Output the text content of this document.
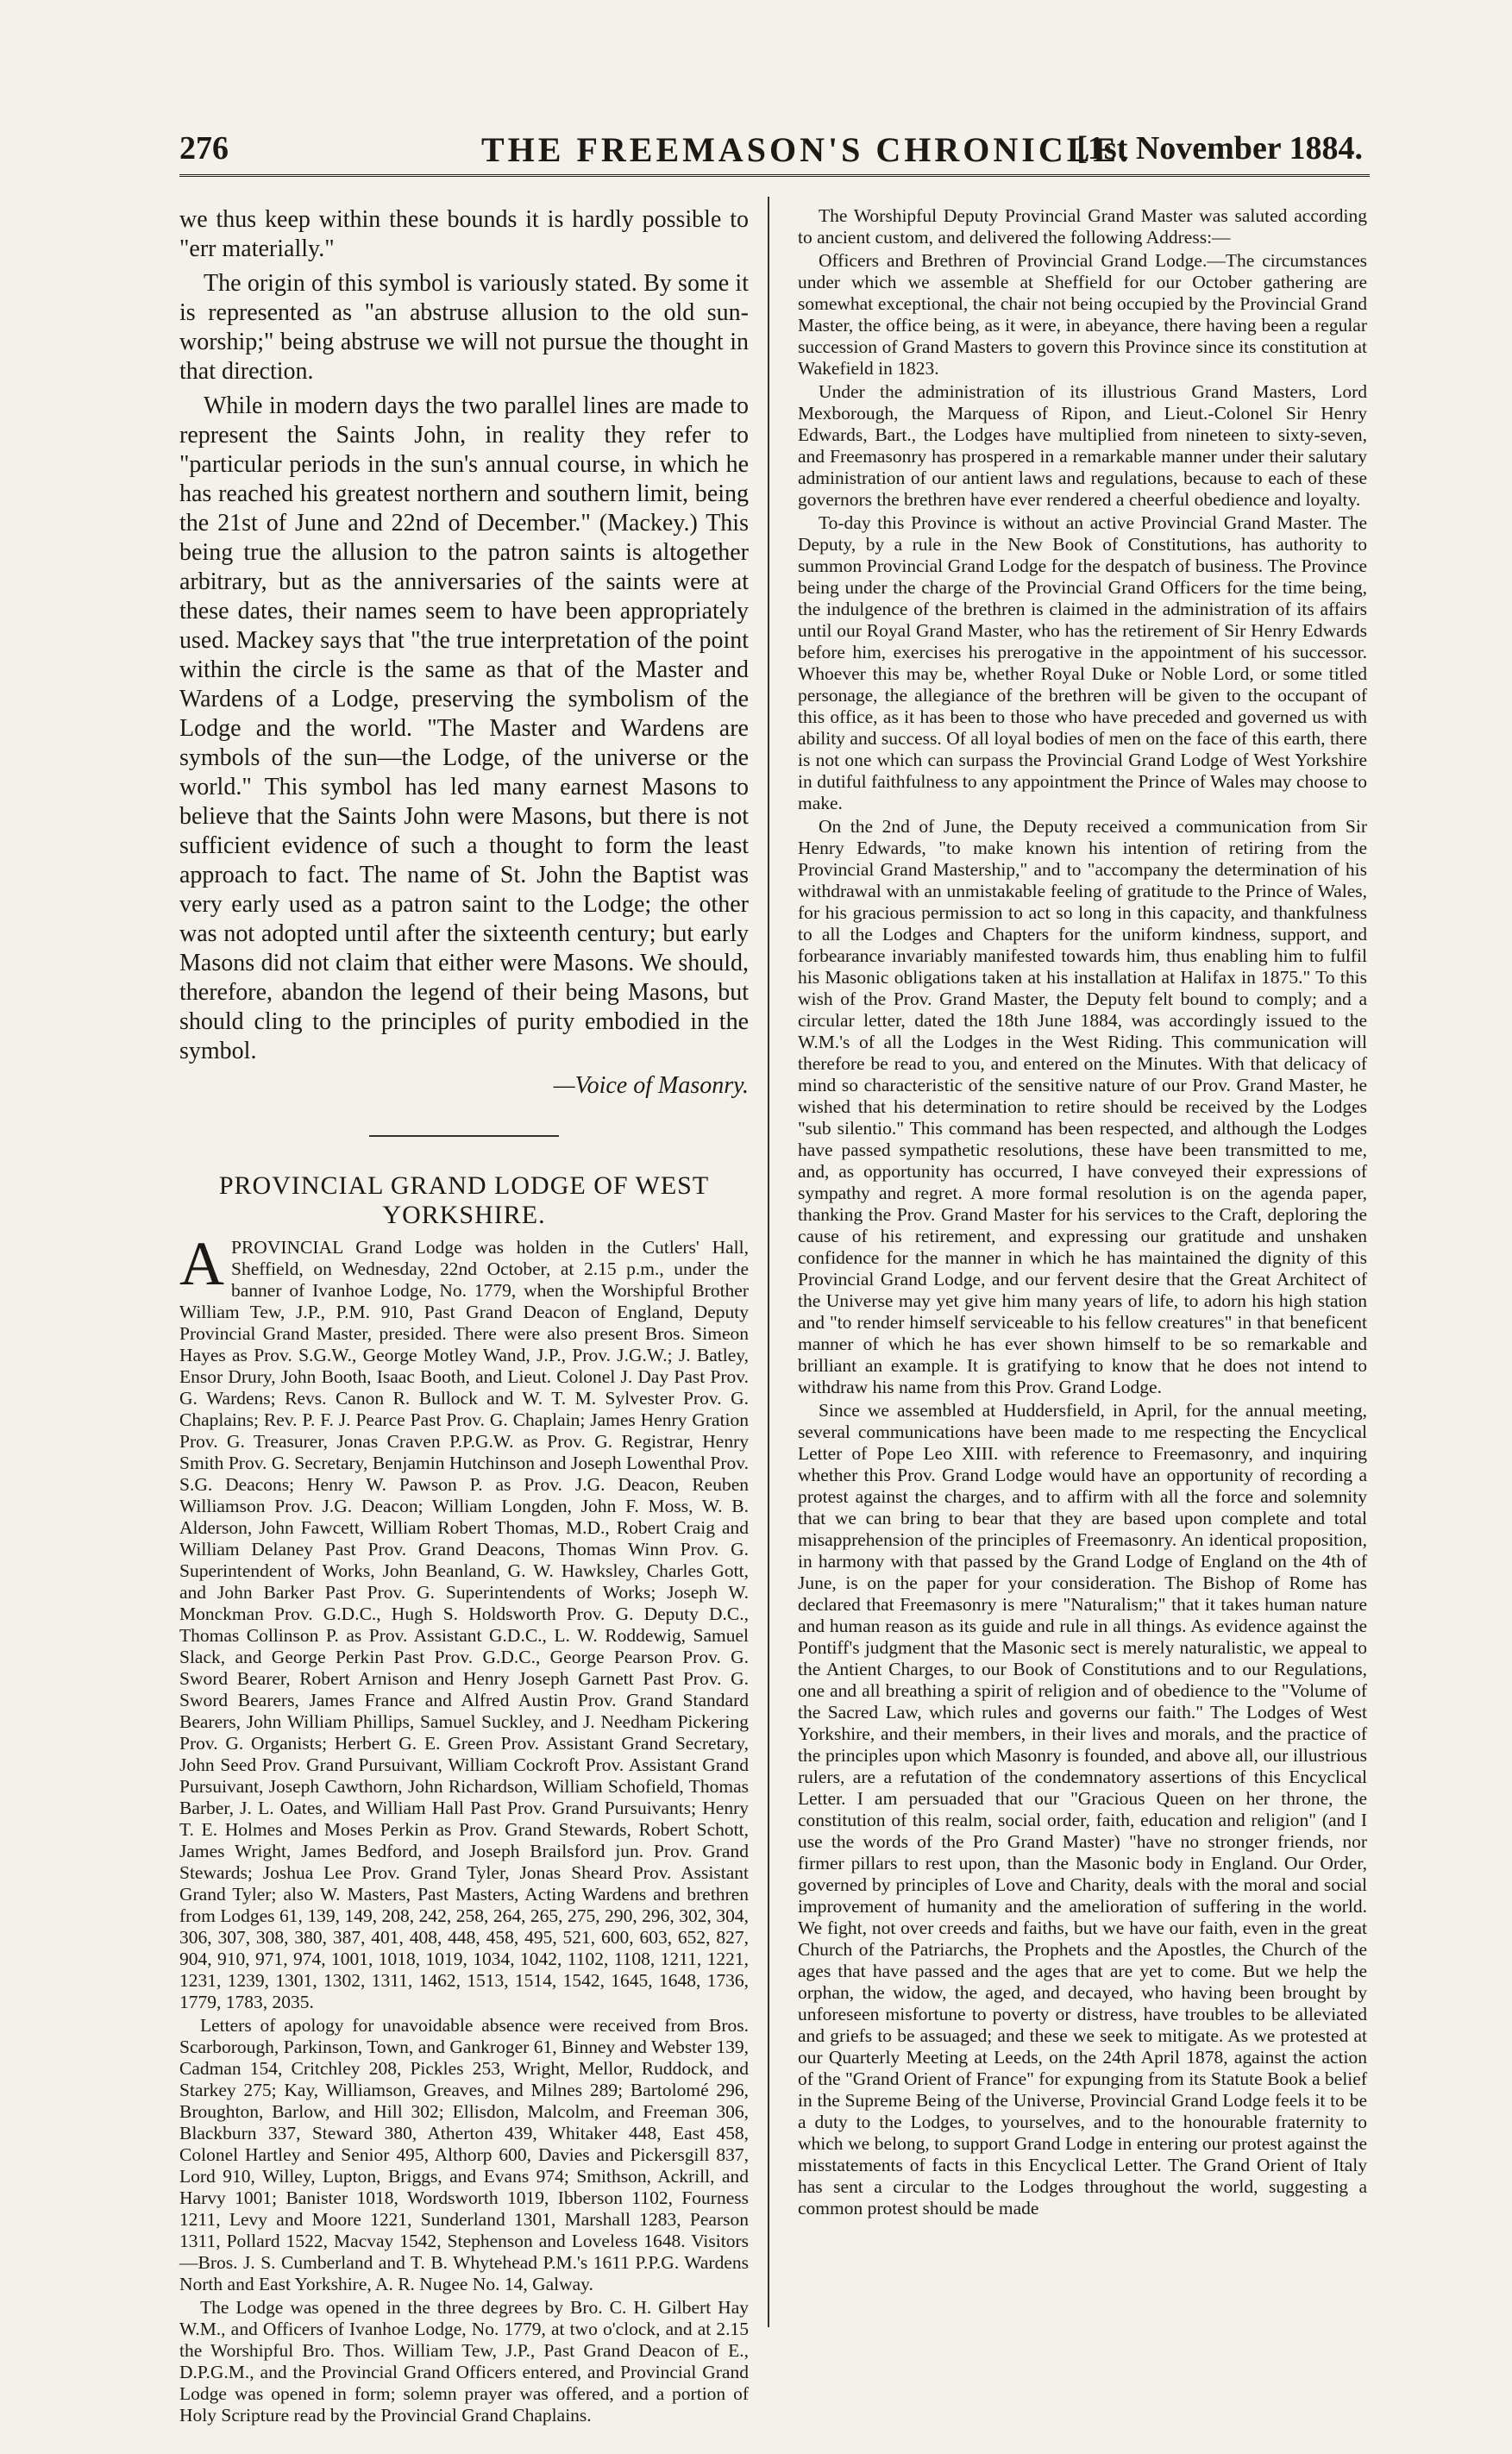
276	THE FREEMASON'S CHRONICLE.
[1st November 1884.

we thus keep within these bounds it is hardly possible to "err materially."

The origin of this symbol is variously stated. By some it is represented as "an abstruse allusion to the old sun-worship;" being abstruse we will not pursue the thought in that direction.

While in modern days the two parallel lines are made to represent the Saints John, in reality they refer to "particular periods in the sun's annual course, in which he has reached his greatest northern and southern limit, being the 21st of June and 22nd of December." (Mackey.) This being true the allusion to the patron saints is altogether arbitrary, but as the anniversaries of the saints were at these dates, their names seem to have been appropriately used. Mackey says that "the true interpretation of the point within the circle is the same as that of the Master and Wardens of a Lodge, preserving the symbolism of the Lodge and the world. "The Master and Wardens are symbols of the sun—the Lodge, of the universe or the world." This symbol has led many earnest Masons to believe that the Saints John were Masons, but there is not sufficient evidence of such a thought to form the least approach to fact. The name of St. John the Baptist was very early used as a patron saint to the Lodge; the other was not adopted until after the sixteenth century; but early Masons did not claim that either were Masons. We should, therefore, abandon the legend of their being Masons, but should cling to the principles of purity embodied in the symbol.

—Voice of Masonry.
PROVINCIAL GRAND LODGE OF WEST YORKSHIRE.

APROVINCIAL Grand Lodge was holden in the Cutlers' Hall, Sheffield, on Wednesday, 22nd October, at 2.15 p.m., under the banner of Ivanhoe Lodge, No. 1779, when the Worshipful Brother William Tew, J.P., P.M. 910, Past Grand Deacon of England, Deputy Provincial Grand Master, presided. There were also present Bros. Simeon Hayes as Prov. S.G.W., George Motley Wand, J.P., Prov. J.G.W.; J. Batley, Ensor Drury, John Booth, Isaac Booth, and Lieut. Colonel J. Day Past Prov. G. Wardens; Revs. Canon R. Bullock and W. T. M. Sylvester Prov. G. Chaplains; Rev. P. F. J. Pearce Past Prov. G. Chaplain; James Henry Gration Prov. G. Treasurer, Jonas Craven P.P.G.W. as Prov. G. Registrar, Henry Smith Prov. G. Secretary, Benjamin Hutchinson and Joseph Lowenthal Prov. S.G. Deacons; Henry W. Pawson P. as Prov. J.G. Deacon, Reuben Williamson Prov. J.G. Deacon; William Longden, John F. Moss, W. B. Alderson, John Fawcett, William Robert Thomas, M.D., Robert Craig and William Delaney Past Prov. Grand Deacons, Thomas Winn Prov. G. Superintendent of Works, John Beanland, G. W. Hawksley, Charles Gott, and John Barker Past Prov. G. Superintendents of Works; Joseph W. Monckman Prov. G.D.C., Hugh S. Holdsworth Prov. G. Deputy D.C., Thomas Collinson P. as Prov. Assistant G.D.C., L. W. Roddewig, Samuel Slack, and George Perkin Past Prov. G.D.C., George Pearson Prov. G. Sword Bearer, Robert Arnison and Henry Joseph Garnett Past Prov. G. Sword Bearers, James France and Alfred Austin Prov. Grand Standard Bearers, John William Phillips, Samuel Suckley, and J. Needham Pickering Prov. G. Organists; Herbert G. E. Green Prov. Assistant Grand Secretary, John Seed Prov. Grand Pursuivant, William Cockroft Prov. Assistant Grand Pursuivant, Joseph Cawthorn, John Richardson, William Schofield, Thomas Barber, J. L. Oates, and William Hall Past Prov. Grand Pursuivants; Henry T. E. Holmes and Moses Perkin as Prov. Grand Stewards, Robert Schott, James Wright, James Bedford, and Joseph Brailsford jun. Prov. Grand Stewards; Joshua Lee Prov. Grand Tyler, Jonas Sheard Prov. Assistant Grand Tyler; also W. Masters, Past Masters, Acting Wardens and brethren from Lodges 61, 139, 149, 208, 242, 258, 264, 265, 275, 290, 296, 302, 304, 306, 307, 308, 380, 387, 401, 408, 448, 458, 495, 521, 600, 603, 652, 827, 904, 910, 971, 974, 1001, 1018, 1019, 1034, 1042, 1102, 1108, 1211, 1221, 1231, 1239, 1301, 1302, 1311, 1462, 1513, 1514, 1542, 1645, 1648, 1736, 1779, 1783, 2035.

Letters of apology for unavoidable absence were received from Bros. Scarborough, Parkinson, Town, and Gankroger 61, Binney and Webster 139, Cadman 154, Critchley 208, Pickles 253, Wright, Mellor, Ruddock, and Starkey 275; Kay, Williamson, Greaves, and Milnes 289; Bartolomé 296, Broughton, Barlow, and Hill 302; Ellisdon, Malcolm, and Freeman 306, Blackburn 337, Steward 380, Atherton 439, Whitaker 448, East 458, Colonel Hartley and Senior 495, Althorp 600, Davies and Pickersgill 837, Lord 910, Willey, Lupton, Briggs, and Evans 974; Smithson, Ackrill, and Harvy 1001; Banister 1018, Wordsworth 1019, Ibberson 1102, Fourness 1211, Levy and Moore 1221, Sunderland 1301, Marshall 1283, Pearson 1311, Pollard 1522, Macvay 1542, Stephenson and Loveless 1648. Visitors—Bros. J. S. Cumberland and T. B. Whytehead P.M.'s 1611 P.P.G. Wardens North and East Yorkshire, A. R. Nugee No. 14, Galway.

The Lodge was opened in the three degrees by Bro. C. H. Gilbert Hay W.M., and Officers of Ivanhoe Lodge, No. 1779, at two o'clock, and at 2.15 the Worshipful Bro. Thos. William Tew, J.P., Past Grand Deacon of E., D.P.G.M., and the Provincial Grand Officers entered, and Provincial Grand Lodge was opened in form; solemn prayer was offered, and a portion of Holy Scripture read by the Provincial Grand Chaplains.

The Worshipful Deputy Provincial Grand Master was saluted according to ancient custom, and delivered the following Address:—

Officers and Brethren of Provincial Grand Lodge.—The circumstances under which we assemble at Sheffield for our October gathering are somewhat exceptional, the chair not being occupied by the Provincial Grand Master, the office being, as it were, in abeyance, there having been a regular succession of Grand Masters to govern this Province since its constitution at Wakefield in 1823.

Under the administration of its illustrious Grand Masters, Lord Mexborough, the Marquess of Ripon, and Lieut.-Colonel Sir Henry Edwards, Bart., the Lodges have multiplied from nineteen to sixty-seven, and Freemasonry has prospered in a remarkable manner under their salutary administration of our antient laws and regulations, because to each of these governors the brethren have ever rendered a cheerful obedience and loyalty.

To-day this Province is without an active Provincial Grand Master. The Deputy, by a rule in the New Book of Constitutions, has authority to summon Provincial Grand Lodge for the despatch of business. The Province being under the charge of the Provincial Grand Officers for the time being, the indulgence of the brethren is claimed in the administration of its affairs until our Royal Grand Master, who has the retirement of Sir Henry Edwards before him, exercises his prerogative in the appointment of his successor. Whoever this may be, whether Royal Duke or Noble Lord, or some titled personage, the allegiance of the brethren will be given to the occupant of this office, as it has been to those who have preceded and governed us with ability and success. Of all loyal bodies of men on the face of this earth, there is not one which can surpass the Provincial Grand Lodge of West Yorkshire in dutiful faithfulness to any appointment the Prince of Wales may choose to make.

On the 2nd of June, the Deputy received a communication from Sir Henry Edwards, "to make known his intention of retiring from the Provincial Grand Mastership," and to "accompany the determination of his withdrawal with an unmistakable feeling of gratitude to the Prince of Wales, for his gracious permission to act so long in this capacity, and thankfulness to all the Lodges and Chapters for the uniform kindness, support, and forbearance invariably manifested towards him, thus enabling him to fulfil his Masonic obligations taken at his installation at Halifax in 1875." To this wish of the Prov. Grand Master, the Deputy felt bound to comply; and a circular letter, dated the 18th June 1884, was accordingly issued to the W.M.'s of all the Lodges in the West Riding. This communication will therefore be read to you, and entered on the Minutes. With that delicacy of mind so characteristic of the sensitive nature of our Prov. Grand Master, he wished that his determination to retire should be received by the Lodges "sub silentio." This command has been respected, and although the Lodges have passed sympathetic resolutions, these have been transmitted to me, and, as opportunity has occurred, I have conveyed their expressions of sympathy and regret. A more formal resolution is on the agenda paper, thanking the Prov. Grand Master for his services to the Craft, deploring the cause of his retirement, and expressing our gratitude and unshaken confidence for the manner in which he has maintained the dignity of this Provincial Grand Lodge, and our fervent desire that the Great Architect of the Universe may yet give him many years of life, to adorn his high station and "to render himself serviceable to his fellow creatures" in that beneficent manner of which he has ever shown himself to be so remarkable and brilliant an example. It is gratifying to know that he does not intend to withdraw his name from this Prov. Grand Lodge.

Since we assembled at Huddersfield, in April, for the annual meeting, several communications have been made to me respecting the Encyclical Letter of Pope Leo XIII. with reference to Freemasonry, and inquiring whether this Prov. Grand Lodge would have an opportunity of recording a protest against the charges, and to affirm with all the force and solemnity that we can bring to bear that they are based upon complete and total misapprehension of the principles of Freemasonry. An identical proposition, in harmony with that passed by the Grand Lodge of England on the 4th of June, is on the paper for your consideration. The Bishop of Rome has declared that Freemasonry is mere "Naturalism;" that it takes human nature and human reason as its guide and rule in all things. As evidence against the Pontiff's judgment that the Masonic sect is merely naturalistic, we appeal to the Antient Charges, to our Book of Constitutions and to our Regulations, one and all breathing a spirit of religion and of obedience to the "Volume of the Sacred Law, which rules and governs our faith." The Lodges of West Yorkshire, and their members, in their lives and morals, and the practice of the principles upon which Masonry is founded, and above all, our illustrious rulers, are a refutation of the condemnatory assertions of this Encyclical Letter. I am persuaded that our "Gracious Queen on her throne, the constitution of this realm, social order, faith, education and religion" (and I use the words of the Pro Grand Master) "have no stronger friends, nor firmer pillars to rest upon, than the Masonic body in England. Our Order, governed by principles of Love and Charity, deals with the moral and social improvement of humanity and the amelioration of suffering in the world. We fight, not over creeds and faiths, but we have our faith, even in the great Church of the Patriarchs, the Prophets and the Apostles, the Church of the ages that have passed and the ages that are yet to come. But we help the orphan, the widow, the aged, and decayed, who having been brought by unforeseen misfortune to poverty or distress, have troubles to be alleviated and griefs to be assuaged; and these we seek to mitigate. As we protested at our Quarterly Meeting at Leeds, on the 24th April 1878, against the action of the "Grand Orient of France" for expunging from its Statute Book a belief in the Supreme Being of the Universe, Provincial Grand Lodge feels it to be a duty to the Lodges, to yourselves, and to the honourable fraternity to which we belong, to support Grand Lodge in entering our protest against the misstatements of facts in this Encyclical Letter. The Grand Orient of Italy has sent a circular to the Lodges throughout the world, suggesting a common protest should be made
